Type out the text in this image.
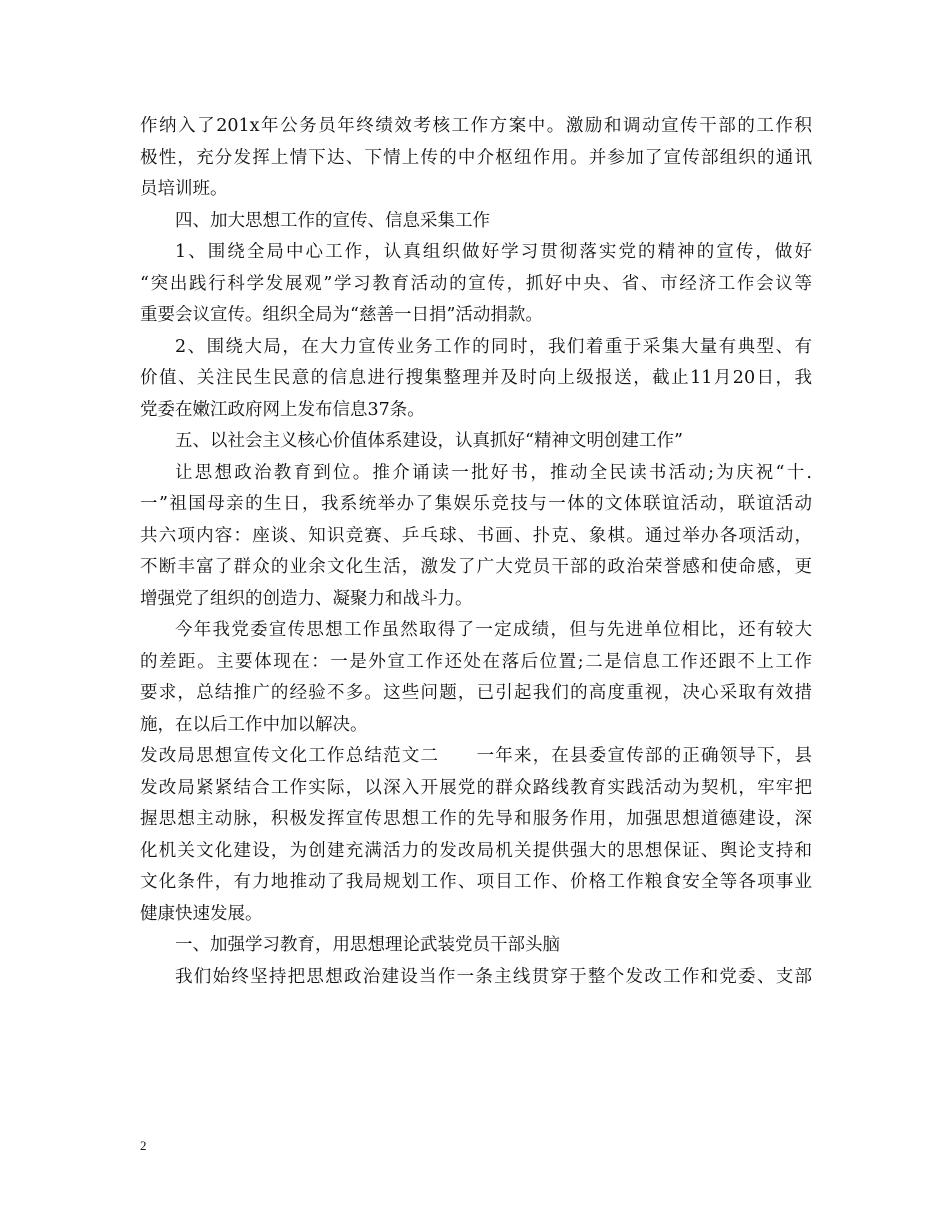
作纳入了201x年公务员年终绩效考核工作方案中。激励和调动宣传干部的工作积
极性，充分发挥上情下达、下情上传的中介枢纽作用。并参加了宣传部组织的通讯
员培训班。

四、加大思想工作的宣传、信息采集工作

1、围绕全局中心工作，认真组织做好学习贯彻落实党的精神的宣传，做好
“突出践行科学发展观”学习教育活动的宣传，抓好中央、省、市经济工作会议等
重要会议宣传。组织全局为“慈善一日捐”活动捐款。
2、围绕大局，在大力宣传业务工作的同时，我们着重于采集大量有典型、有
价值、关注民生民意的信息进行搜集整理并及时向上级报送，截止11月20日，我
党委在嫩江政府网上发布信息37条。

五、以社会主义核心价值体系建设，认真抓好“精神文明创建工作”

让思想政治教育到位。推介诵读一批好书，推动全民读书活动;为庆祝“十.
一”祖国母亲的生日，我系统举办了集娱乐竞技与一体的文体联谊活动，联谊活动
共六项内容：座谈、知识竞赛、乒乓球、书画、扑克、象棋。通过举办各项活动，
不断丰富了群众的业余文化生活，激发了广大党员干部的政治荣誉感和使命感，更
增强党了组织的创造力、凝聚力和战斗力。
今年我党委宣传思想工作虽然取得了一定成绩，但与先进单位相比，还有较大
的差距。主要体现在：一是外宣工作还处在落后位置;二是信息工作还跟不上工作
要求，总结推广的经验不多。这些问题，已引起我们的高度重视，决心采取有效措
施，在以后工作中加以解决。
发改局思想宣传文化工作总结范文二　　一年来，在县委宣传部的正确领导下，县
发改局紧紧结合工作实际，以深入开展党的群众路线教育实践活动为契机，牢牢把
握思想主动脉，积极发挥宣传思想工作的先导和服务作用，加强思想道德建设，深
化机关文化建设，为创建充满活力的发改局机关提供强大的思想保证、舆论支持和
文化条件，有力地推动了我局规划工作、项目工作、价格工作粮食安全等各项事业
健康快速发展。

一、加强学习教育，用思想理论武装党员干部头脑

我们始终坚持把思想政治建设当作一条主线贯穿于整个发改工作和党委、支部
2
